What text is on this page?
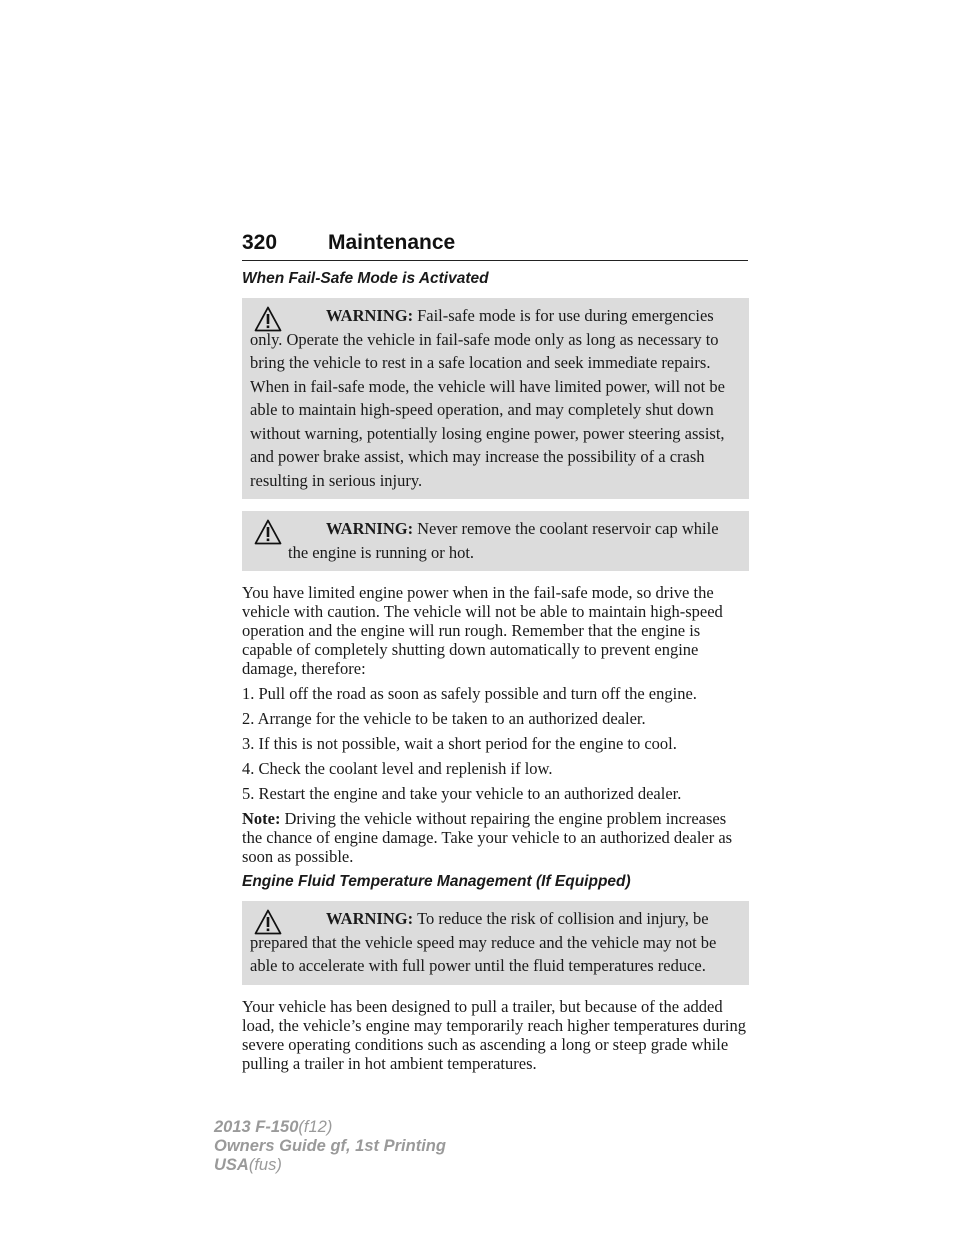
320 Maintenance
When Fail-Safe Mode is Activated

WARNING: Fail-safe mode is for use during emergencies only. Operate the vehicle in fail-safe mode only as long as necessary to bring the vehicle to rest in a safe location and seek immediate repairs. When in fail-safe mode, the vehicle will have limited power, will not be able to maintain high-speed operation, and may completely shut down without warning, potentially losing engine power, power steering assist, and power brake assist, which may increase the possibility of a crash resulting in serious injury.

WARNING: Never remove the coolant reservoir cap while the engine is running or hot.

You have limited engine power when in the fail-safe mode, so drive the vehicle with caution. The vehicle will not be able to maintain high-speed operation and the engine will run rough. Remember that the engine is capable of completely shutting down automatically to prevent engine damage, therefore:

1. Pull off the road as soon as safely possible and turn off the engine.

2. Arrange for the vehicle to be taken to an authorized dealer.

3. If this is not possible, wait a short period for the engine to cool.

4. Check the coolant level and replenish if low.

5. Restart the engine and take your vehicle to an authorized dealer.

Note: Driving the vehicle without repairing the engine problem increases the chance of engine damage. Take your vehicle to an authorized dealer as soon as possible.

Engine Fluid Temperature Management (If Equipped)

WARNING: To reduce the risk of collision and injury, be prepared that the vehicle speed may reduce and the vehicle may not be able to accelerate with full power until the fluid temperatures reduce.

Your vehicle has been designed to pull a trailer, but because of the added load, the vehicle’s engine may temporarily reach higher temperatures during severe operating conditions such as ascending a long or steep grade while pulling a trailer in hot ambient temperatures.

2013 F-150(f12)
Owners Guide gf, 1st Printing
USA(fus)
